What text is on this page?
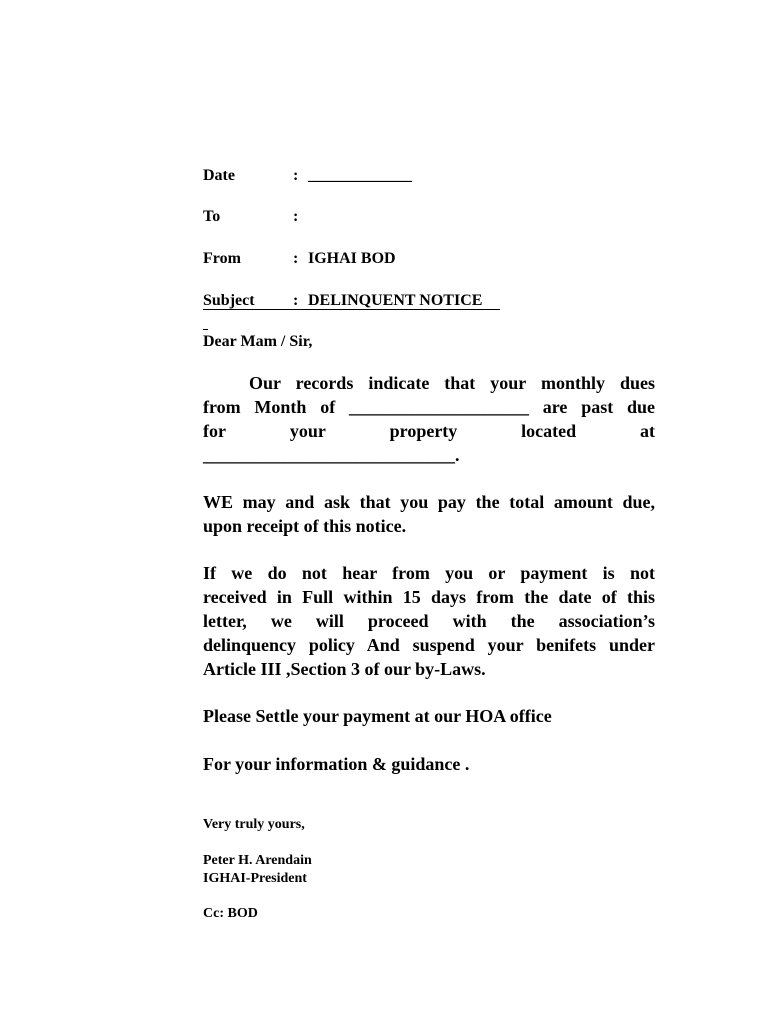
Date	: _____________
To	:
From	: IGHAI BOD
Subject : DELINQUENT NOTICE
Dear Mam / Sir,
Our records indicate that your monthly dues
from Month of ____________________ are past due
for	your	property	located	at
____________________________.
WE may and ask that you pay the total amount due,
upon receipt of this notice.
If we do not hear from you or payment is not
received in Full within 15 days from the date of this
letter, we will proceed with the association’s
delinquency policy And suspend your benifets under
Article III ,Section 3 of our by-Laws.
Please Settle your payment at our HOA office
For your information & guidance .
Very truly yours,
Peter H. Arendain
IGHAI-President
Cc: BOD
